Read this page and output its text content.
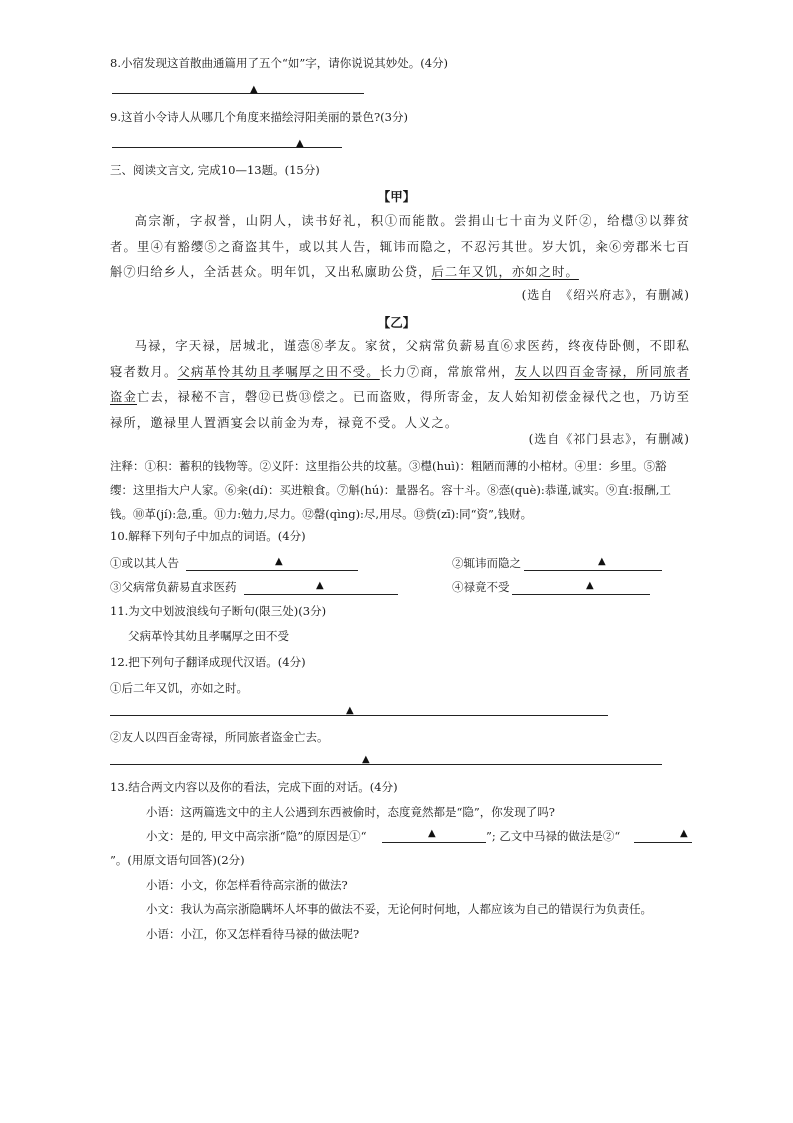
8.小宿发现这首散曲通篇用了五个“如”字，请你说说其妙处。(4分)
▲
9.这首小令诗人从哪几个角度来描绘浔阳美丽的景色?(3分)
▲
三、阅读文言文, 完成10—13题。(15分)
【甲】
高宗渐，字叔誉，山阴人，读书好礼，积①而能散。尝捐山七十亩为义阡②，给櫘③以葬贫者。里④有豁缨⑤之裔盗其牛，或以其人告，辄讳而隐之，不忍污其世。岁大饥，籴⑥旁郡米七百斛⑦归给乡人，全活甚众。明年饥，又出私廪助公贷，后二年又饥，亦如之时。
(选自　《绍兴府志》，有删减)
【乙】
马禄，字天禄，居城北，谨悫⑧孝友。家贫，父病常负薪易直⑥求医药，终夜侍卧侧，不即私寝者数月。父病革怜其幼且孝嘱厚之田不受。长力⑦商，常旅常州，友人以四百金寄禄，所同旅者盗金亡去，禄秘不言，磬⑫已赀⑬偿之。已而盗败，得所寄金，友人始知初偿金禄代之也，乃访至禄所，邀禄里人置酒宴会以前金为寿，禄竟不受。人义之。
(选自《祁门县志》，有删减)
注释：①积：蓄积的钱物等。②义阡：这里指公共的坟墓。③櫘(huì)：粗陋而薄的小棺材。④里：乡里。⑤豁缨：这里指大户人家。⑥籴(dí)：买进粮食。⑦斛(hú)：量器名。容十斗。⑧悫(què):恭谨,诚实。⑨直:报酬,工钱。⑩革(jí):急,重。⑪力:勉力,尽力。⑫罄(qìng):尽,用尽。⑬赀(zī):同“资”,钱财。
10.解释下列句子中加点的词语。(4分)
①或以其人告	▲	②辄讳而隐之	▲
③父病常负薪易直求医药	▲	④禄竟不受	▲
11.为文中划波浪线句子断句(限三处)(3分)
父病革怜其幼且孝嘱厚之田不受
12.把下列句子翻译成现代汉语。(4分)
①后二年又饥，亦如之时。
▲
②友人以四百金寄禄，所同旅者盗金亡去。
▲
13.结合两文内容以及你的看法，完成下面的对话。(4分)
小语：这两篇选文中的主人公遇到东西被偷时，态度竟然都是“隐”，你发现了吗?
小文：是的, 甲文中高宗浙“隐”的原因是①“	▲	”; 乙文中马禄的做法是②“	▲
”。(用原文语句回答)(2分)
小语：小文，你怎样看待高宗浙的做法?
小文：我认为高宗浙隐瞒坏人坏事的做法不妥，无论何时何地，人都应该为自己的错误行为负责任。
小语：小江，你又怎样看待马禄的做法呢?
